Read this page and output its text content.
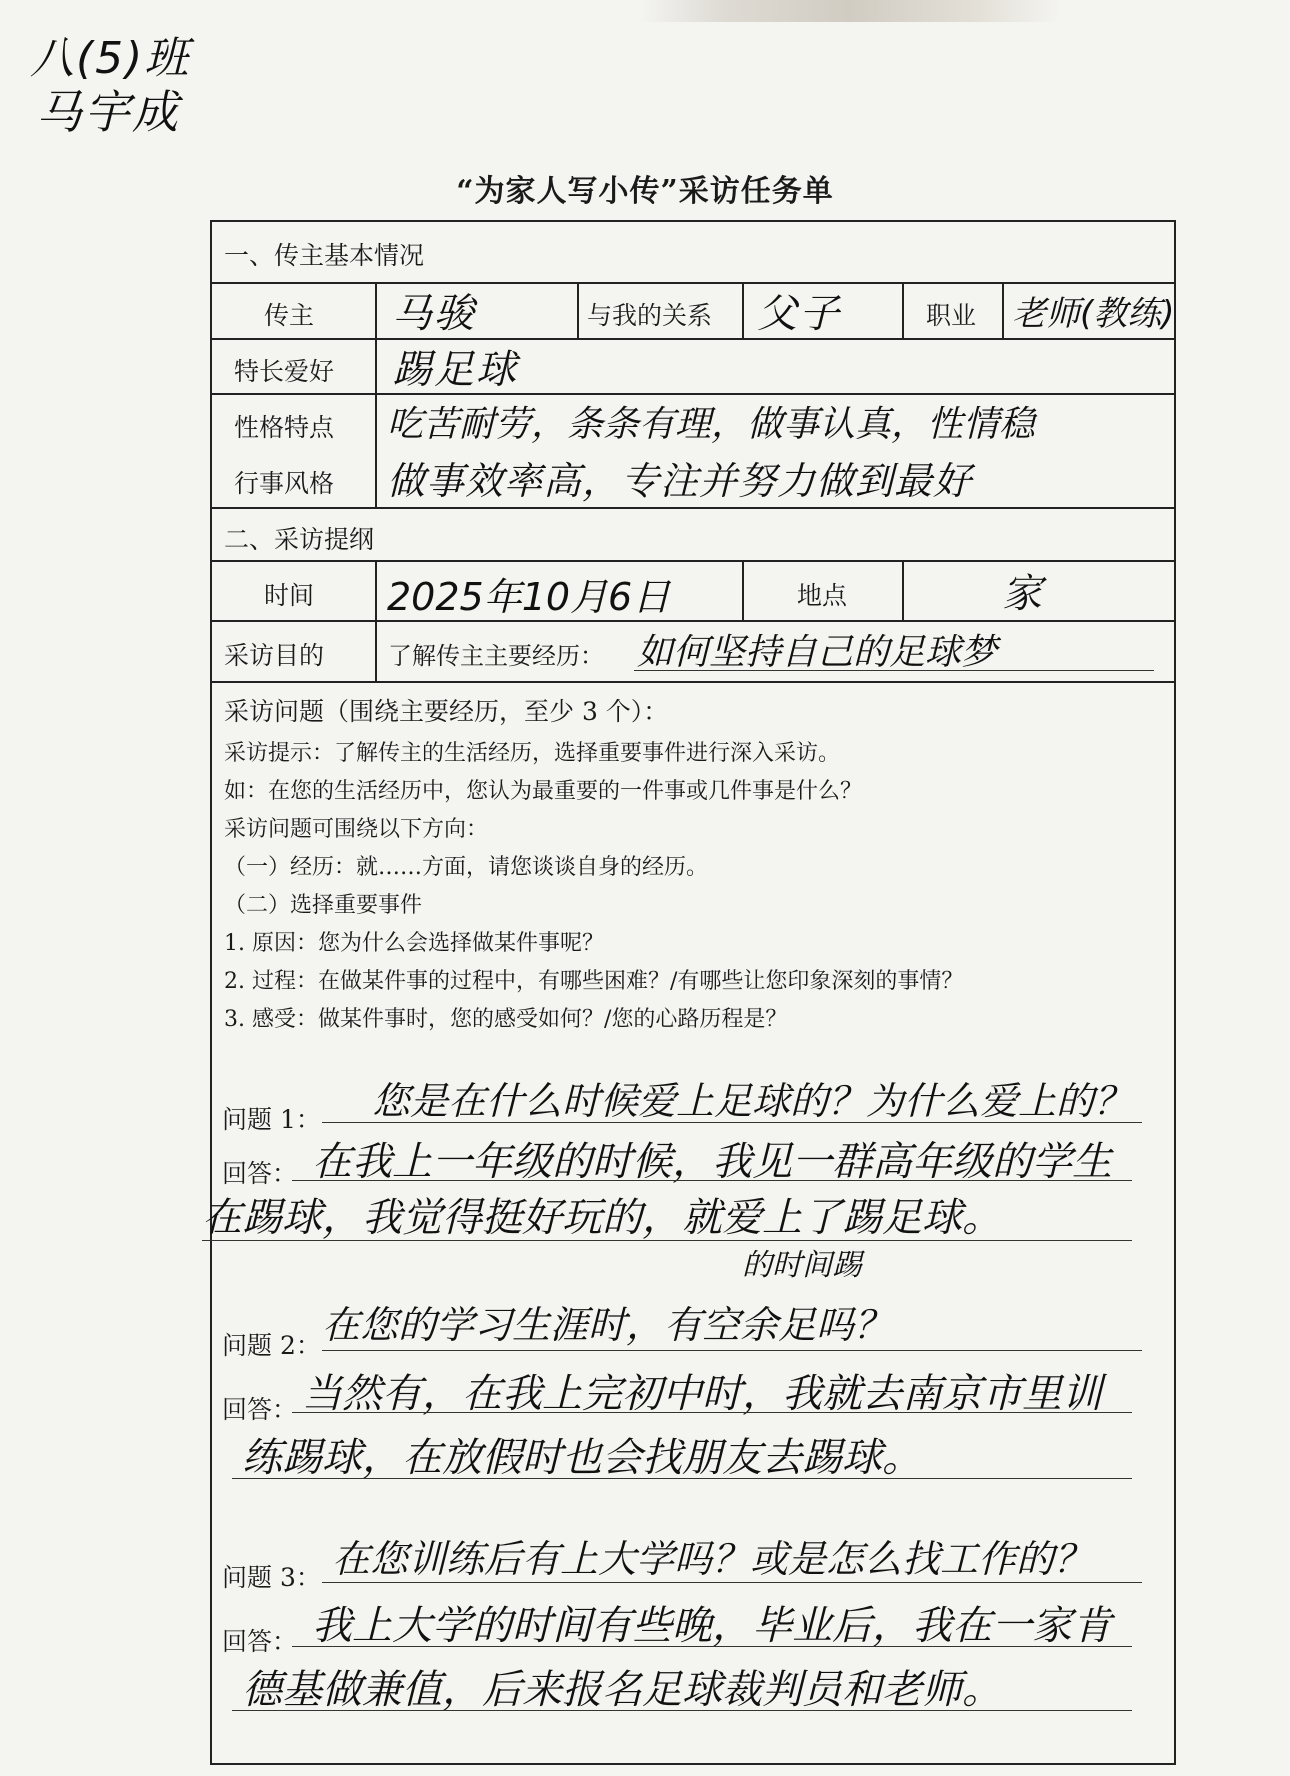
八(5)班
马宇成
“为家人写小传”采访任务单
一、传主基本情况
传主 马骏	与我的关系 父子	职业 老师(教练)
特长爱好 踢足球
性格特点 吃苦耐劳，条条有理，做事认真，性情稳
行事风格 做事效率高，专注并努力做到最好
二、采访提纲
时间 2025年10月6日	地点	家
采访目的	了解传主主要经历： 如何坚持自己的足球梦
采访问题（围绕主要经历，至少 3 个）：
采访提示：了解传主的生活经历，选择重要事件进行深入采访。
如：在您的生活经历中，您认为最重要的一件事或几件事是什么？
采访问题可围绕以下方向：
（一）经历：就……方面，请您谈谈自身的经历。
（二）选择重要事件
1. 原因：您为什么会选择做某件事呢？
2. 过程：在做某件事的过程中，有哪些困难？/有哪些让您印象深刻的事情？
3. 感受：做某件事时，您的感受如何？/您的心路历程是？
问题 1： 您是在什么时候爱上足球的？为什么爱上的？
回答： 在我上一年级的时候，我见一群高年级的学生
在踢球，我觉得挺好玩的，就爱上了踢足球。
的时间踢
问题 2： 在您的学习生涯时，有空余足吗？
回答： 当然有，在我上完初中时，我就去南京市里训
练踢球，在放假时也会找朋友去踢球。
问题 3： 在您训练后有上大学吗？或是怎么找工作的？
回答： 我上大学的时间有些晚，毕业后，我在一家肯
德基做兼值，后来报名足球裁判员和老师。
